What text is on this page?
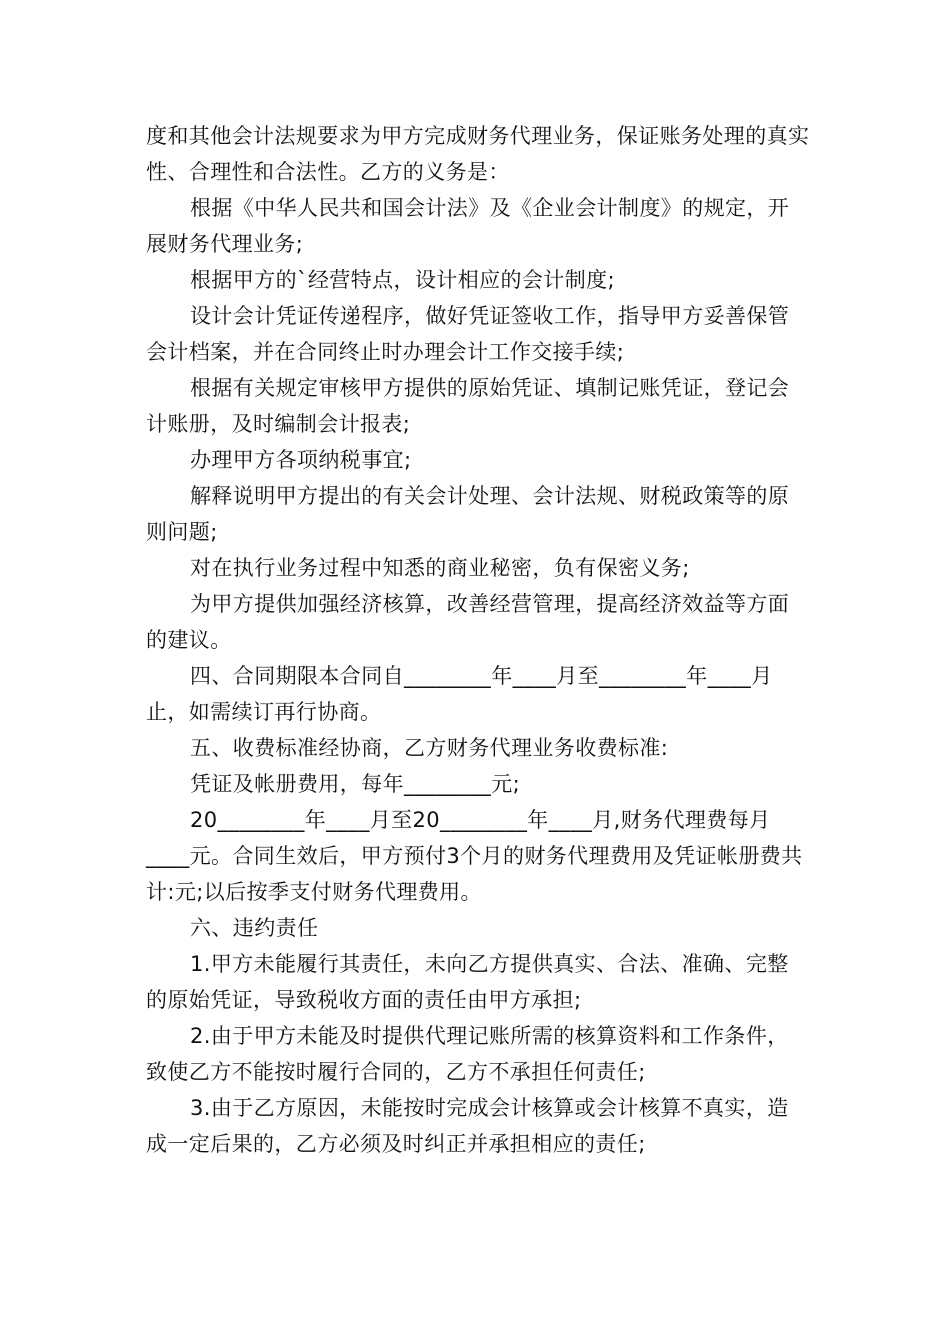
度和其他会计法规要求为甲方完成财务代理业务，保证账务处理的真实性、合理性和合法性。乙方的义务是：

根据《中华人民共和国会计法》及《企业会计制度》的规定，开展财务代理业务;

根据甲方的`经营特点，设计相应的会计制度;

设计会计凭证传递程序，做好凭证签收工作，指导甲方妥善保管会计档案，并在合同终止时办理会计工作交接手续;

根据有关规定审核甲方提供的原始凭证、填制记账凭证，登记会计账册，及时编制会计报表;

办理甲方各项纳税事宜;

解释说明甲方提出的有关会计处理、会计法规、财税政策等的原则问题;

对在执行业务过程中知悉的商业秘密，负有保密义务;

为甲方提供加强经济核算，改善经营管理，提高经济效益等方面的建议。

四、合同期限本合同自________年____月至________年____月止，如需续订再行协商。

五、收费标准经协商，乙方财务代理业务收费标准:

凭证及帐册费用，每年________元;

20________年____月至20________年____月,财务代理费每月____元。合同生效后，甲方预付3个月的财务代理费用及凭证帐册费共计:元;以后按季支付财务代理费用。

六、违约责任

1.甲方未能履行其责任，未向乙方提供真实、合法、准确、完整的原始凭证，导致税收方面的责任由甲方承担;

2.由于甲方未能及时提供代理记账所需的核算资料和工作条件，致使乙方不能按时履行合同的，乙方不承担任何责任;

3.由于乙方原因，未能按时完成会计核算或会计核算不真实，造成一定后果的，乙方必须及时纠正并承担相应的责任;
